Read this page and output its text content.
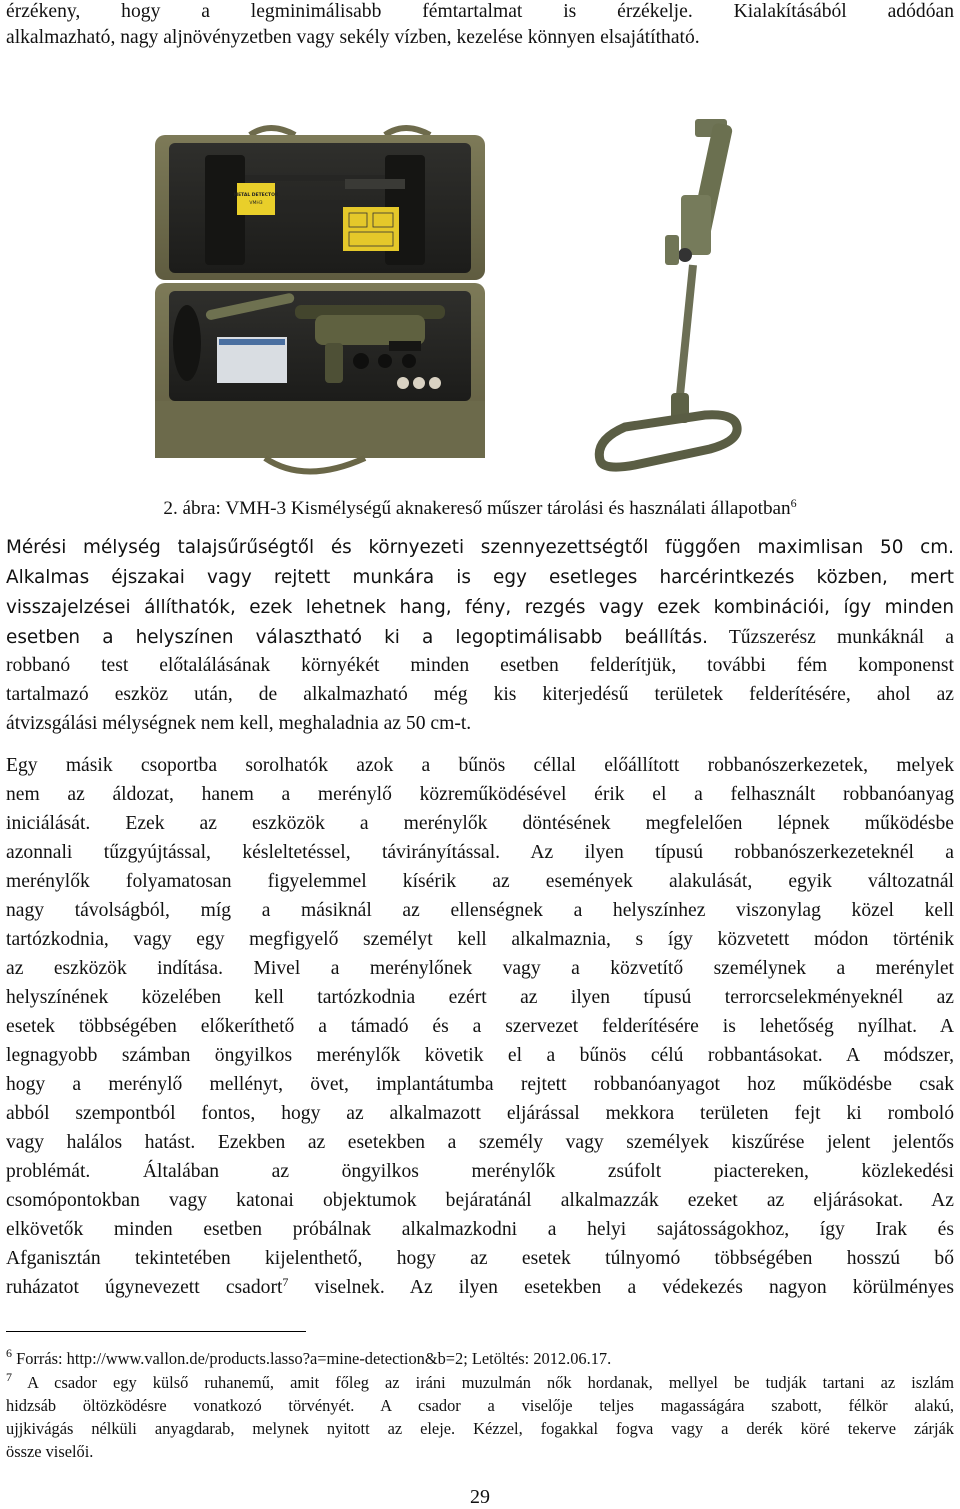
érzékeny, hogy a legminimálisabb fémtartalmat is érzékelje. Kialakításából adódóan
alkalmazható, nagy aljnövényzetben vagy sekély vízben, kezelése könnyen elsajátítható.
METAL DETECTOR
VMH3
2. ábra: VMH-3 Kismélységű aknakereső műszer tárolási és használati állapotban$^6$
Mérési mélység talajsűrűségtől és környezeti szennyezettségtől függően maximlisan 50 cm.
Alkalmas éjszakai vagy rejtett munkára is egy esetleges harcérintkezés közben, mert
visszajelzései állíthatók, ezek lehetnek hang, fény, rezgés vagy ezek kombinációi, így minden
esetben a helyszínen választható ki a legoptimálisabb beállítás. Tűzszerész munkáknál a
robbanó test előtalálásának környékét minden esetben felderítjük, további fém komponenst
tartalmazó eszköz után, de alkalmazható még kis kiterjedésű területek felderítésére, ahol az
átvizsgálási mélységnek nem kell, meghaladnia az 50 cm-t.
Egy másik csoportba sorolhatók azok a bűnös céllal előállított robbanószerkezetek, melyek
nem az áldozat, hanem a merénylő közreműködésével érik el a felhasznált robbanóanyag
iniciálását. Ezek az eszközök a merénylők döntésének megfelelően lépnek működésbe
azonnali tűzgyújtással, késleltetéssel, távirányítással. Az ilyen típusú robbanószerkezeteknél a
merénylők folyamatosan figyelemmel kísérik az események alakulását, egyik változatnál
nagy távolságból, míg a másiknál az ellenségnek a helyszínhez viszonylag közel kell
tartózkodnia, vagy egy megfigyelő személyt kell alkalmaznia, s így közvetett módon történik
az eszközök indítása. Mivel a merénylőnek vagy a közvetítő személynek a merénylet
helyszínének közelében kell tartózkodnia ezért az ilyen típusú terrorcselekményeknél az
esetek többségében előkeríthető a támadó és a szervezet felderítésére is lehetőség nyílhat. A
legnagyobb számban öngyilkos merénylők követik el a bűnös célú robbantásokat. A módszer,
hogy a merénylő mellényt, övet, implantátumba rejtett robbanóanyagot hoz működésbe csak
abból szempontból fontos, hogy az alkalmazott eljárással mekkora területen fejt ki romboló
vagy halálos hatást. Ezekben az esetekben a személy vagy személyek kiszűrése jelent jelentős
problémát. Általában az öngyilkos merénylők zsúfolt piactereken, közlekedési
csomópontokban vagy katonai objektumok bejáratánál alkalmazzák ezeket az eljárásokat. Az
elkövetők minden esetben próbálnak alkalmazkodni a helyi sajátosságokhoz, így Irak és
Afganisztán tekintetében kijelenthető, hogy az esetek túlnyomó többségében hosszú bő
ruházatot úgynevezett csadort$^7$ viselnek. Az ilyen esetekben a védekezés nagyon körülményes
$^6$ Forrás: http://www.vallon.de/products.lasso?a=mine-detection&b=2; Letöltés: 2012.06.17.
$^7$ A csador egy külső ruhanemű, amit főleg az iráni muzulmán nők hordanak, mellyel be tudják tartani az iszlám
hidzsáb öltözködésre vonatkozó törvényét. A csador a viselője teljes magasságára szabott, félkör alakú,
ujjkivágás nélküli anyagdarab, melynek nyitott az eleje. Kézzel, fogakkal fogva vagy a derék köré tekerve zárják
össze viselői.
29
